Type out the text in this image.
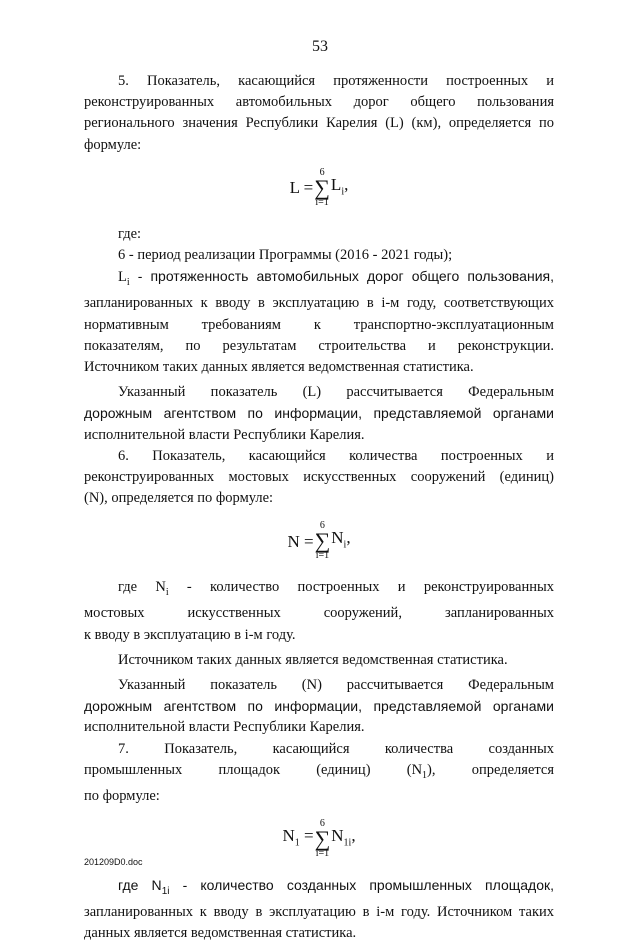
53

5. Показатель, касающийся протяженности построенных и

реконструированных автомобильных дорог общего пользования

регионального значения Республики Карелия (L) (км), определяется по

формуле:

L =
6
∑
i=1
$L_i$,

где:

6 - период реализации Программы (2016 - 2021 годы);

$L_i$ - протяженность автомобильных дорог общего пользования,

запланированных к вводу в эксплуатацию в i-м году, соответствующих

нормативным требованиям к транспортно-эксплуатационным

показателям, по результатам строительства и реконструкции.

Источником таких данных является ведомственная статистика.

Указанный показатель (L) рассчитывается Федеральным

дорожным агентством по информации, представляемой органами

исполнительной власти Республики Карелия.

6. Показатель, касающийся количества построенных и

реконструированных мостовых искусственных сооружений (единиц)

(N), определяется по формуле:

N =
6
∑
i=1
$N_i$,

где $N_i$ - количество построенных и реконструированных

мостовых искусственных сооружений, запланированных

к вводу в эксплуатацию в i-м году.

Источником таких данных является ведомственная статистика.

Указанный показатель (N) рассчитывается Федеральным

дорожным агентством по информации, представляемой органами

исполнительной власти Республики Карелия.

7. Показатель, касающийся количества созданных

промышленных площадок (единиц) $(N_1)$, определяется

по формуле:

$N_1$ =
6
∑
i=1
$N_{1i}$,

где $N_{1i}$ - количество созданных промышленных площадок,

запланированных к вводу в эксплуатацию в i-м году. Источником таких

данных является ведомственная статистика.

201209D0.doc
